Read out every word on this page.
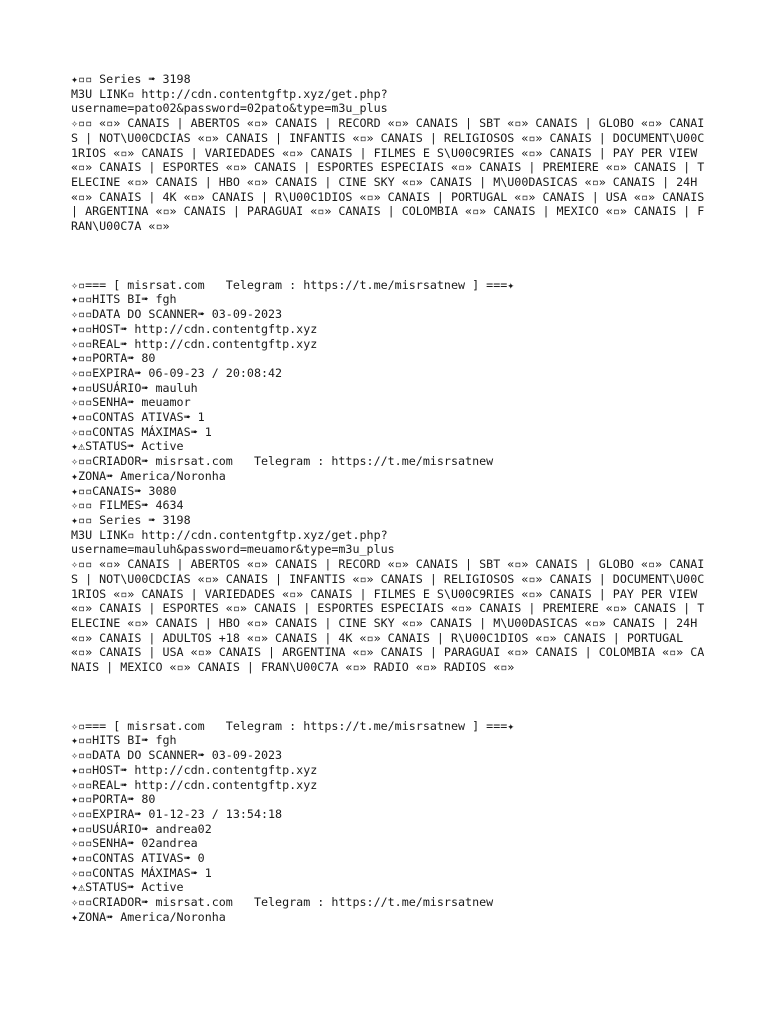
✦▫▫ Series ➠ 3198
M3U LINK▫ http://cdn.contentgftp.xyz/get.php?
username=pato02&password=02pato&type=m3u_plus
✧▫▫ «▫» CANAIS | ABERTOS «▫» CANAIS | RECORD «▫» CANAIS | SBT «▫» CANAIS | GLOBO «▫» CANAIS | NOT\U00CDCIAS «▫» CANAIS | INFANTIS «▫» CANAIS | RELIGIOSOS «▫» CANAIS | DOCUMENT\U00C1RIOS «▫» CANAIS | VARIEDADES «▫» CANAIS | FILMES E S\U00C9RIES «▫» CANAIS | PAY PER VIEW «▫» CANAIS | ESPORTES «▫» CANAIS | ESPORTES ESPECIAIS «▫» CANAIS | PREMIERE «▫» CANAIS | TELECINE «▫» CANAIS | HBO «▫» CANAIS | CINE SKY «▫» CANAIS | M\U00DASICAS «▫» CANAIS | 24H «▫» CANAIS | 4K «▫» CANAIS | R\U00C1DIOS «▫» CANAIS | PORTUGAL «▫» CANAIS | USA «▫» CANAIS | ARGENTINA «▫» CANAIS | PARAGUAI «▫» CANAIS | COLOMBIA «▫» CANAIS | MEXICO «▫» CANAIS | FRAN\U00C7A «▫»
✧▫=== [ misrsat.com   Telegram : https://t.me/misrsatnew ] ===✦
✦▫▫HITS BI➠ fgh
✧▫▫DATA DO SCANNER➠ 03-09-2023
✦▫▫HOST➠ http://cdn.contentgftp.xyz
✧▫▫REAL➠ http://cdn.contentgftp.xyz
✦▫▫PORTA➠ 80
✧▫▫EXPIRA➠ 06-09-23 / 20:08:42
✦▫▫USUÁRIO➠ mauluh
✧▫▫SENHA➠ meuamor
✦▫▫CONTAS ATIVAS➠ 1
✧▫▫CONTAS MÁXIMAS➠ 1
✦⚠STATUS➠ Active
✧▫▫CRIADOR➠ misrsat.com   Telegram : https://t.me/misrsatnew
✦ZONA➠ America/Noronha
✦▫▫CANAIS➠ 3080
✧▫▫ FILMES➠ 4634
✦▫▫ Series ➠ 3198
M3U LINK▫ http://cdn.contentgftp.xyz/get.php?
username=mauluh&password=meuamor&type=m3u_plus
✧▫▫ «▫» CANAIS | ABERTOS «▫» CANAIS | RECORD «▫» CANAIS | SBT «▫» CANAIS | GLOBO «▫» CANAIS | NOT\U00CDCIAS «▫» CANAIS | INFANTIS «▫» CANAIS | RELIGIOSOS «▫» CANAIS | DOCUMENT\U00C1RIOS «▫» CANAIS | VARIEDADES «▫» CANAIS | FILMES E S\U00C9RIES «▫» CANAIS | PAY PER VIEW «▫» CANAIS | ESPORTES «▫» CANAIS | ESPORTES ESPECIAIS «▫» CANAIS | PREMIERE «▫» CANAIS | TELECINE «▫» CANAIS | HBO «▫» CANAIS | CINE SKY «▫» CANAIS | M\U00DASICAS «▫» CANAIS | 24H «▫» CANAIS | ADULTOS +18 «▫» CANAIS | 4K «▫» CANAIS | R\U00C1DIOS «▫» CANAIS | PORTUGAL «▫» CANAIS | USA «▫» CANAIS | ARGENTINA «▫» CANAIS | PARAGUAI «▫» CANAIS | COLOMBIA «▫» CANAIS | MEXICO «▫» CANAIS | FRAN\U00C7A «▫» RADIO «▫» RADIOS «▫»
✧▫=== [ misrsat.com   Telegram : https://t.me/misrsatnew ] ===✦
✦▫▫HITS BI➠ fgh
✧▫▫DATA DO SCANNER➠ 03-09-2023
✦▫▫HOST➠ http://cdn.contentgftp.xyz
✧▫▫REAL➠ http://cdn.contentgftp.xyz
✦▫▫PORTA➠ 80
✧▫▫EXPIRA➠ 01-12-23 / 13:54:18
✦▫▫USUÁRIO➠ andrea02
✧▫▫SENHA➠ 02andrea
✦▫▫CONTAS ATIVAS➠ 0
✧▫▫CONTAS MÁXIMAS➠ 1
✦⚠STATUS➠ Active
✧▫▫CRIADOR➠ misrsat.com   Telegram : https://t.me/misrsatnew
✦ZONA➠ America/Noronha
